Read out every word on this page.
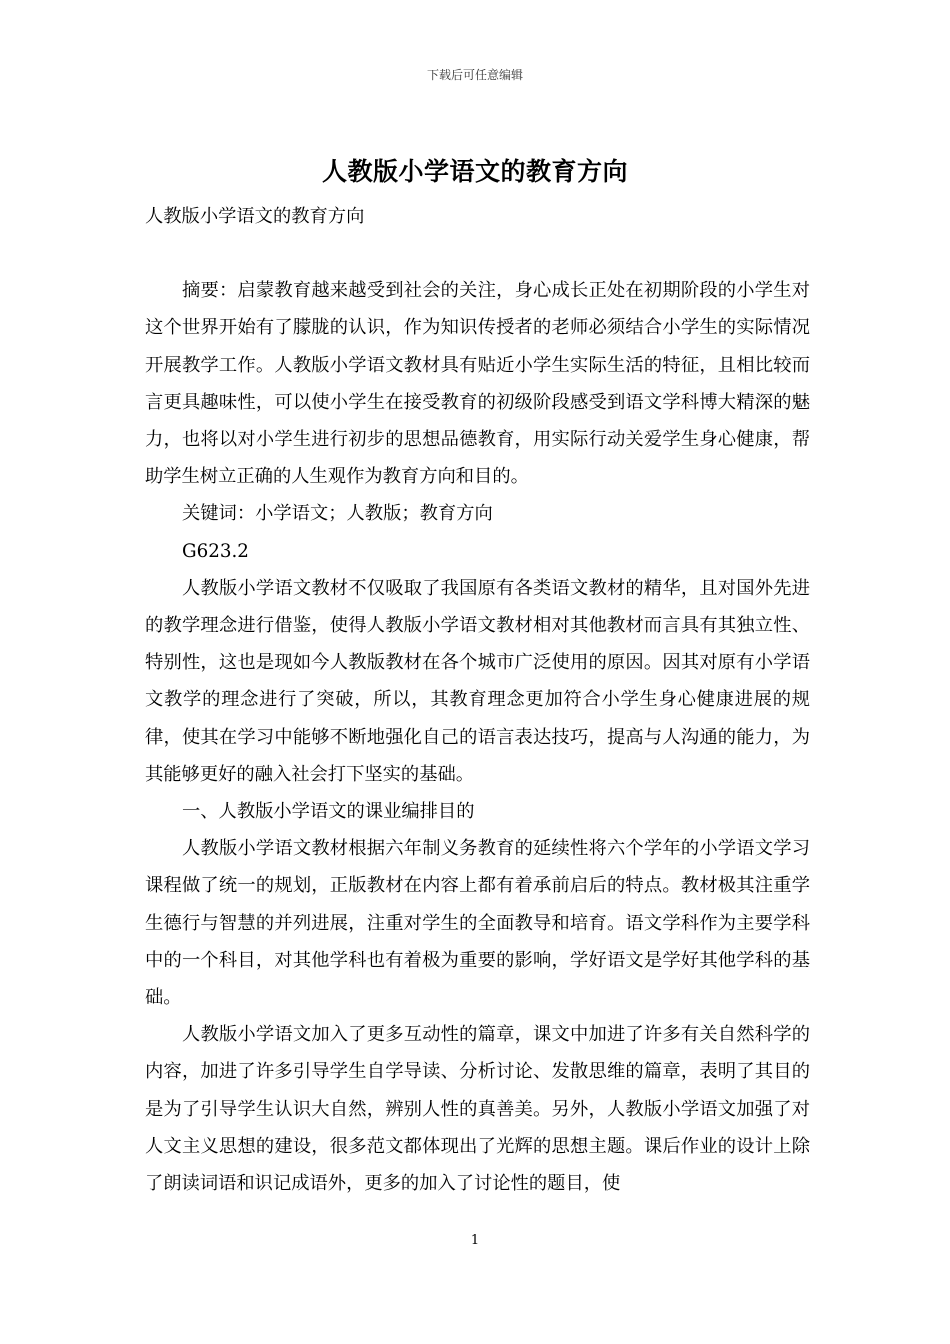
下载后可任意编辑
人教版小学语文的教育方向

人教版小学语文的教育方向

摘要：启蒙教育越来越受到社会的关注，身心成长正处在初期阶段的小学生对这个世界开始有了朦胧的认识，作为知识传授者的老师必须结合小学生的实际情况开展教学工作。人教版小学语文教材具有贴近小学生实际生活的特征，且相比较而言更具趣味性，可以使小学生在接受教育的初级阶段感受到语文学科博大精深的魅力，也将以对小学生进行初步的思想品德教育，用实际行动关爱学生身心健康，帮助学生树立正确的人生观作为教育方向和目的。

关键词：小学语文；人教版；教育方向

G623.2

人教版小学语文教材不仅吸取了我国原有各类语文教材的精华，且对国外先进的教学理念进行借鉴，使得人教版小学语文教材相对其他教材而言具有其独立性、特别性，这也是现如今人教版教材在各个城市广泛使用的原因。因其对原有小学语文教学的理念进行了突破，所以，其教育理念更加符合小学生身心健康进展的规律，使其在学习中能够不断地强化自己的语言表达技巧，提高与人沟通的能力，为其能够更好的融入社会打下坚实的基础。

一、人教版小学语文的课业编排目的

人教版小学语文教材根据六年制义务教育的延续性将六个学年的小学语文学习课程做了统一的规划，正版教材在内容上都有着承前启后的特点。教材极其注重学生德行与智慧的并列进展，注重对学生的全面教导和培育。语文学科作为主要学科中的一个科目，对其他学科也有着极为重要的影响，学好语文是学好其他学科的基础。

人教版小学语文加入了更多互动性的篇章，课文中加进了许多有关自然科学的内容，加进了许多引导学生自学导读、分析讨论、发散思维的篇章，表明了其目的是为了引导学生认识大自然，辨别人性的真善美。另外，人教版小学语文加强了对人文主义思想的建设，很多范文都体现出了光辉的思想主题。课后作业的设计上除了朗读词语和识记成语外，更多的加入了讨论性的题目，使

1
